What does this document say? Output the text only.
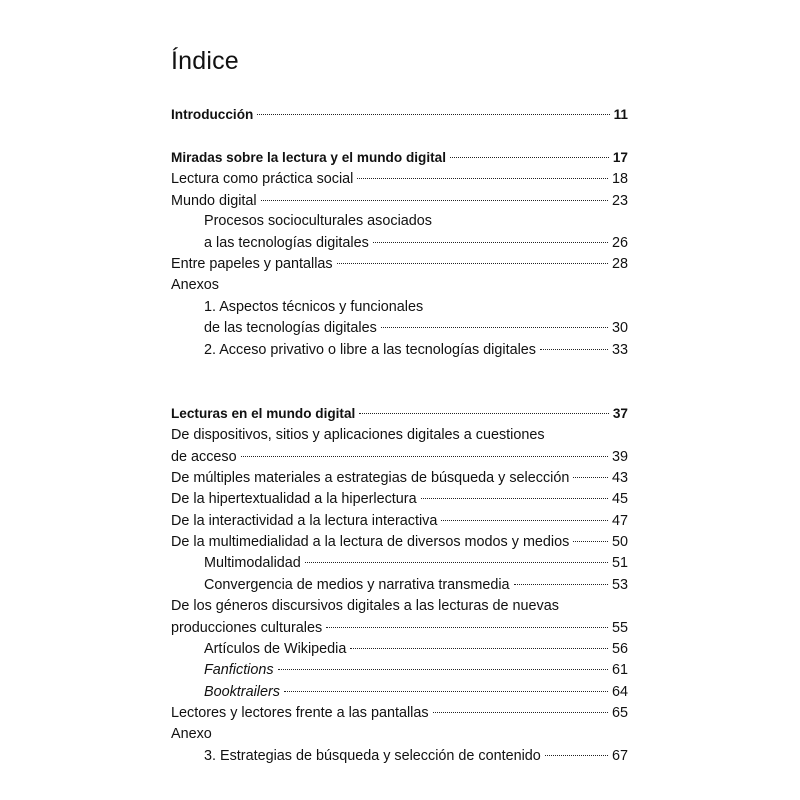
Índice
Introducción	11
Miradas sobre la lectura y el mundo digital	17
Lectura como práctica social	18
Mundo digital	23
Procesos socioculturales asociados
a las tecnologías digitales	26
Entre papeles y pantallas	28
Anexos
1. Aspectos técnicos y funcionales
de las tecnologías digitales	30
2. Acceso privativo o libre a las tecnologías digitales	33
Lecturas en el mundo digital	37
De dispositivos, sitios y aplicaciones digitales a cuestiones
de acceso	39
De múltiples materiales a estrategias de búsqueda y selección	43
De la hipertextualidad a la hiperlectura	45
De la interactividad a la lectura interactiva	47
De la multimedialidad a la lectura de diversos modos y medios	50
Multimodalidad	51
Convergencia de medios y narrativa transmedia	53
De los géneros discursivos digitales a las lecturas de nuevas
producciones culturales	55
Artículos de Wikipedia	56
Fanfictions	61
Booktrailers	64
Lectores y lectores frente a las pantallas	65
Anexo
3. Estrategias de búsqueda y selección de contenido	67
